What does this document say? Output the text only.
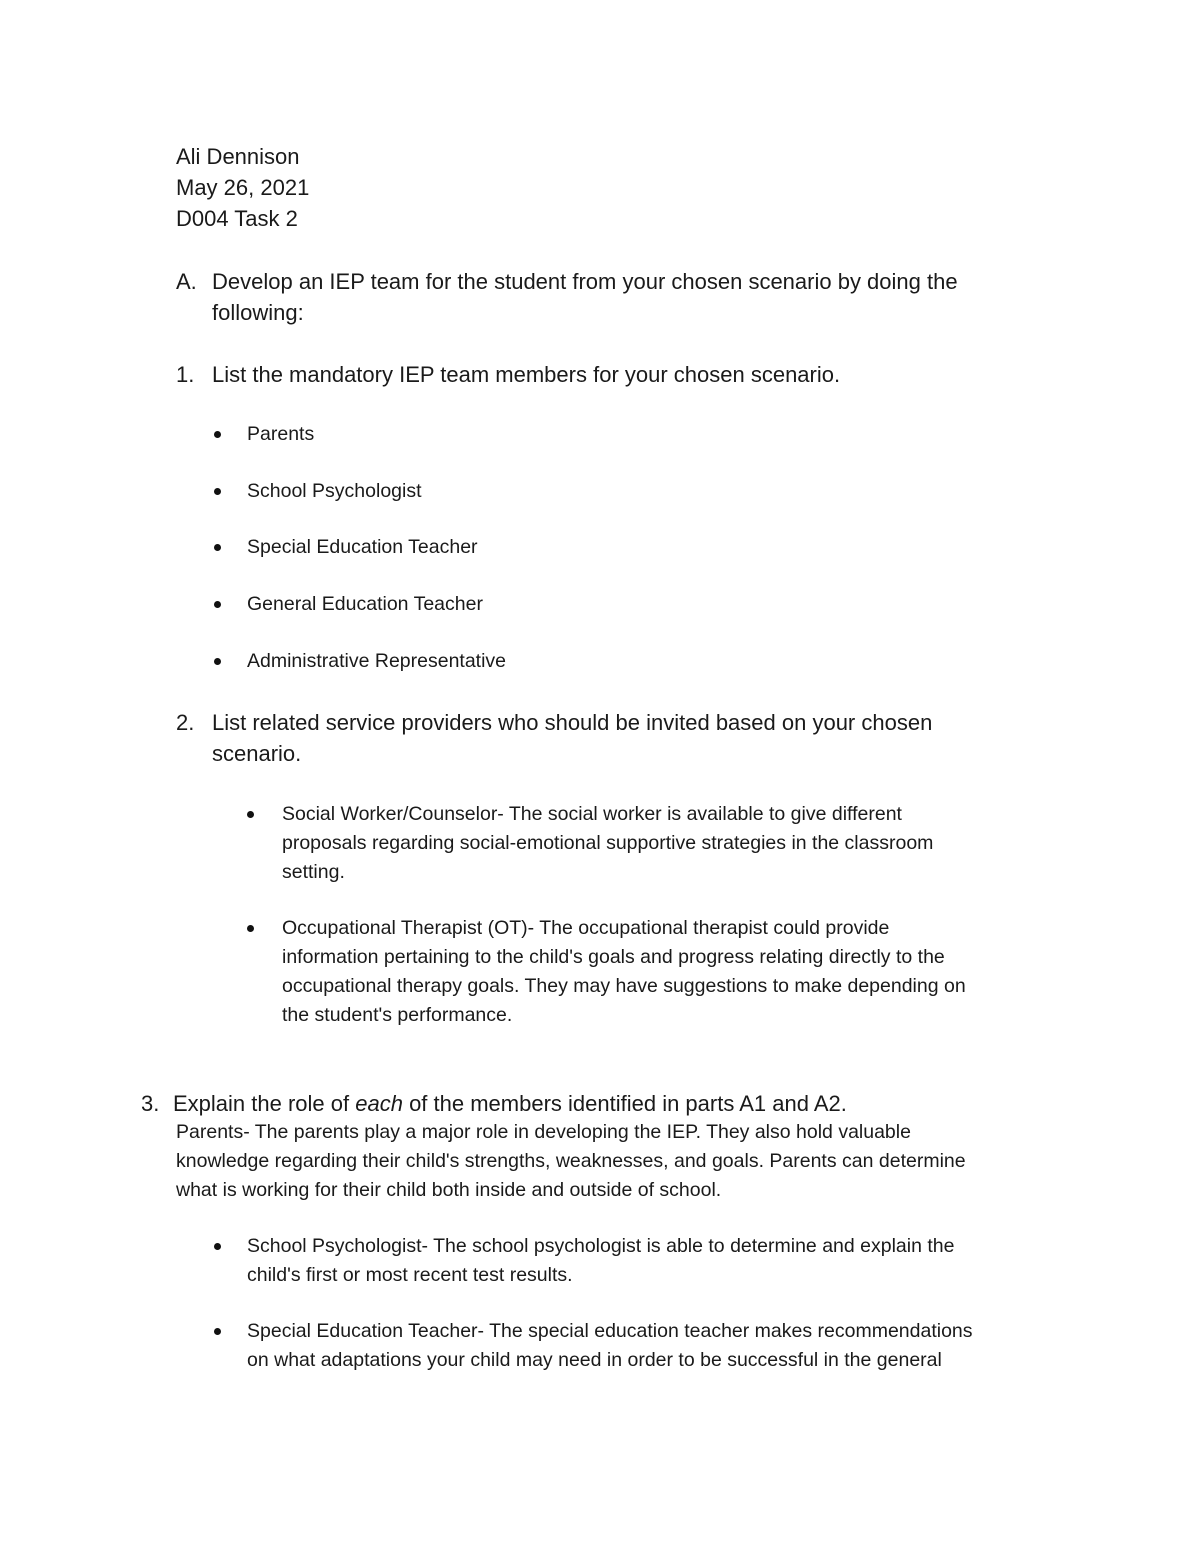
Ali Dennison
May 26, 2021
D004 Task 2
A. Develop an IEP team for the student from your chosen scenario by doing the
following:
1. List the mandatory IEP team members for your chosen scenario.
Parents
School Psychologist
Special Education Teacher
General Education Teacher
Administrative Representative
2. List related service providers who should be invited based on your chosen
scenario.
Social Worker/Counselor- The social worker is available to give different
proposals regarding social-emotional supportive strategies in the classroom
setting.
Occupational Therapist (OT)- The occupational therapist could provide
information pertaining to the child's goals and progress relating directly to the
occupational therapy goals. They may have suggestions to make depending on
the student's performance.
3. Explain the role of each of the members identified in parts A1 and A2.
Parents- The parents play a major role in developing the IEP. They also hold valuable
knowledge regarding their child's strengths, weaknesses, and goals. Parents can determine
what is working for their child both inside and outside of school.
School Psychologist- The school psychologist is able to determine and explain the
child's first or most recent test results.
Special Education Teacher- The special education teacher makes recommendations
on what adaptations your child may need in order to be successful in the general
